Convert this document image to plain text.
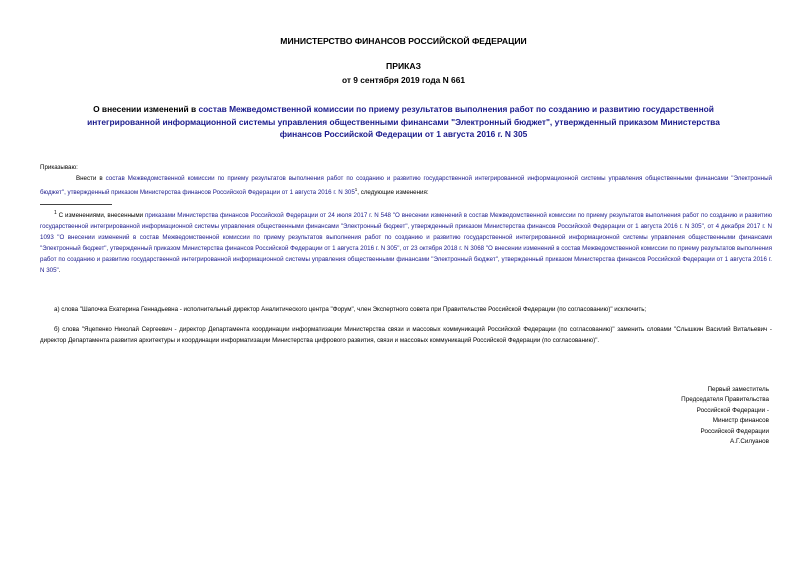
МИНИСТЕРСТВО ФИНАНСОВ РОССИЙСКОЙ ФЕДЕРАЦИИ
ПРИКАЗ
от 9 сентября 2019 года N 661
О внесении изменений в состав Межведомственной комиссии по приему результатов выполнения работ по созданию и развитию государственной интегрированной информационной системы управления общественными финансами "Электронный бюджет", утвержденный приказом Министерства финансов Российской Федерации от 1 августа 2016 г. N 305
Приказываю:
Внести в состав Межведомственной комиссии по приему результатов выполнения работ по созданию и развитию государственной интегрированной информационной системы управления общественными финансами "Электронный бюджет", утвержденный приказом Министерства финансов Российской Федерации от 1 августа 2016 г. N $305^1$, следующие изменения:
$^1$ С изменениями, внесенными приказами Министерства финансов Российской Федерации от 24 июля 2017 г. N 548 "О внесении изменений в состав Межведомственной комиссии по приему результатов выполнения работ по созданию и развитию государственной интегрированной информационной системы управления общественными финансами "Электронный бюджет", утвержденный приказом Министерства финансов Российской Федерации от 1 августа 2016 г. N 305", от 4 декабря 2017 г. N 1093 "О внесении изменений в состав Межведомственной комиссии по приему результатов выполнения работ по созданию и развитию государственной интегрированной информационной системы управления общественными финансами "Электронный бюджет", утвержденный приказом Министерства финансов Российской Федерации от 1 августа 2016 г. N 305", от 23 октября 2018 г. N 3068 "О внесении изменений в состав Межведомственной комиссии по приему результатов выполнения работ по созданию и развитию государственной интегрированной информационной системы управления общественными финансами "Электронный бюджет", утвержденный приказом Министерства финансов Российской Федерации от 1 августа 2016 г. N 305".
а) слова "Шапочка Екатерина Геннадьевна - исполнительный директор Аналитического центра "Форум", член Экспертного совета при Правительстве Российской Федерации (по согласованию)" исключить;
б) слова "Яцепенко Николай Сергеевич - директор Департамента координации информатизации Министерства связи и массовых коммуникаций Российской Федерации (по согласованию)" заменить словами "Слышкин Василий Витальевич - директор Департамента развития архитектуры и координации информатизации Министерства цифрового развития, связи и массовых коммуникаций Российской Федерации (по согласованию)".
Первый заместитель
Председателя Правительства
Российской Федерации -
Министр финансов
Российской Федерации
А.Г.Силуанов
